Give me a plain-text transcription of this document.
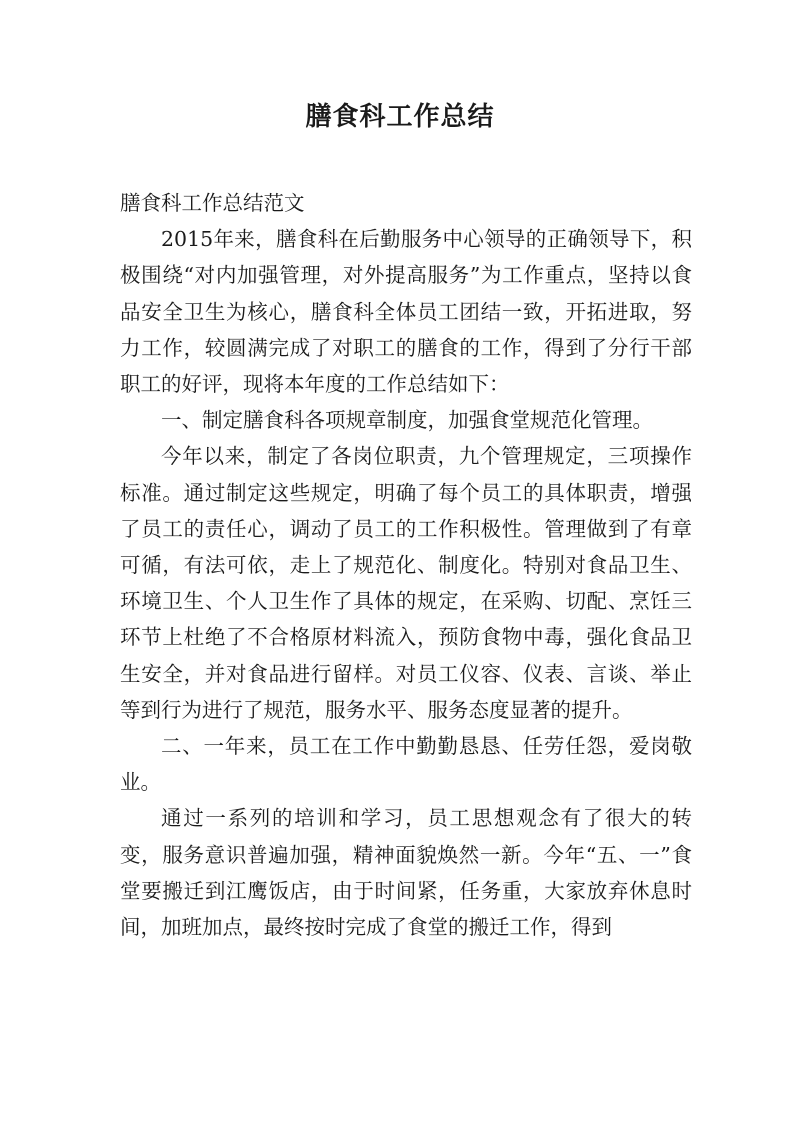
膳食科工作总结

膳食科工作总结范文

2015年来，膳食科在后勤服务中心领导的正确领导下，积极围绕“对内加强管理，对外提高服务”为工作重点，坚持以食品安全卫生为核心，膳食科全体员工团结一致，开拓进取，努力工作，较圆满完成了对职工的膳食的工作，得到了分行干部职工的好评，现将本年度的工作总结如下：

一、制定膳食科各项规章制度，加强食堂规范化管理。

今年以来，制定了各岗位职责，九个管理规定，三项操作标准。通过制定这些规定，明确了每个员工的具体职责，增强了员工的责任心，调动了员工的工作积极性。管理做到了有章可循，有法可依，走上了规范化、制度化。特别对食品卫生、环境卫生、个人卫生作了具体的规定，在采购、切配、烹饪三环节上杜绝了不合格原材料流入，预防食物中毒，强化食品卫生安全，并对食品进行留样。对员工仪容、仪表、言谈、举止等到行为进行了规范，服务水平、服务态度显著的提升。

二、一年来，员工在工作中勤勤恳恳、任劳任怨，爱岗敬业。

通过一系列的培训和学习，员工思想观念有了很大的转变，服务意识普遍加强，精神面貌焕然一新。今年“五、一”食堂要搬迁到江鹰饭店，由于时间紧，任务重，大家放弃休息时间，加班加点，最终按时完成了食堂的搬迁工作，得到
